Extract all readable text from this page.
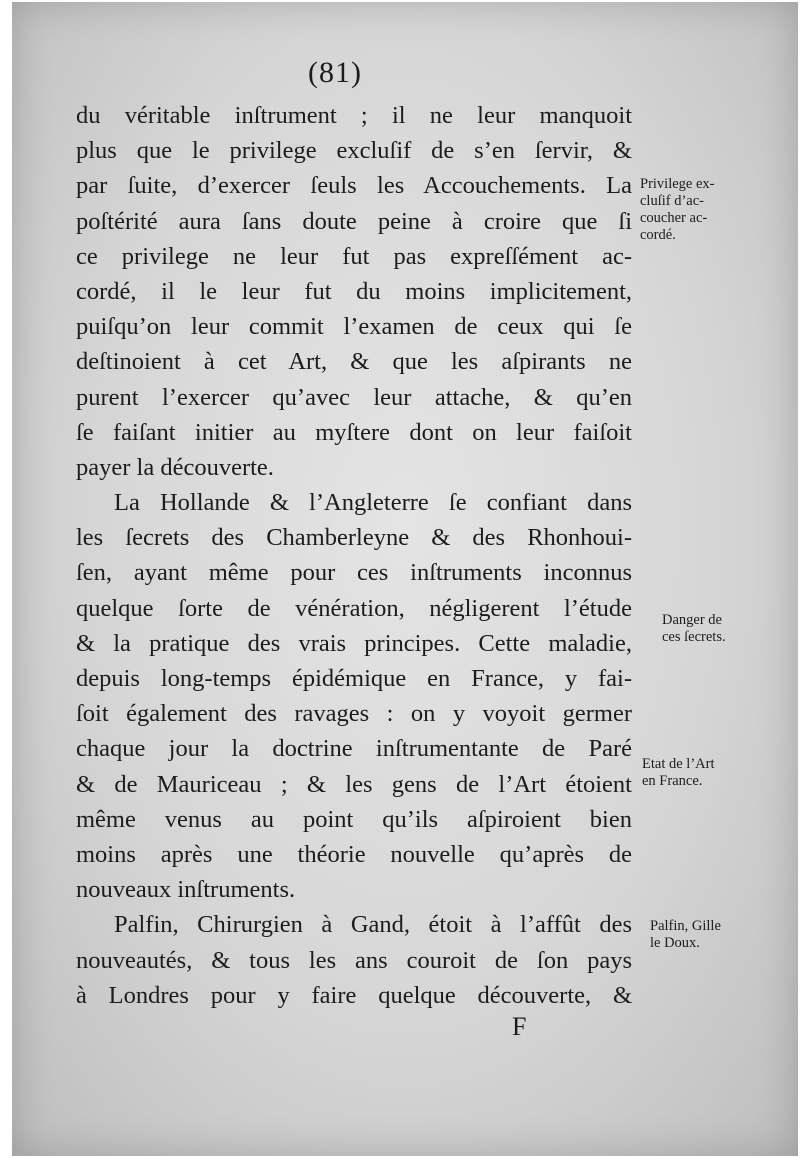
(81)
du véritable inſtrument ; il ne leur manquoit
plus que le privilege excluſif de s’en ſervir, &
par ſuite, d’exercer ſeuls les Accouchements. La
poſtérité aura ſans doute peine à croire que ſi
ce privilege ne leur fut pas expreſſément ac-
cordé, il le leur fut du moins implicitement,
puiſqu’on leur commit l’examen de ceux qui ſe
deſtinoient à cet Art, & que les aſpirants ne
purent l’exercer qu’avec leur attache, & qu’en
ſe faiſant initier au myſtere dont on leur faiſoit
payer la découverte.
La Hollande & l’Angleterre ſe confiant dans
les ſecrets des Chamberleyne & des Rhonhoui-
ſen, ayant même pour ces inſtruments inconnus
quelque ſorte de vénération, négligerent l’étude
& la pratique des vrais principes. Cette maladie,
depuis long-temps épidémique en France, y fai-
ſoit également des ravages : on y voyoit germer
chaque jour la doctrine inſtrumentante de Paré
& de Mauriceau ; & les gens de l’Art étoient
même venus au point qu’ils aſpiroient bien
moins après une théorie nouvelle qu’après de
nouveaux inſtruments.
Palfin, Chirurgien à Gand, étoit à l’affût des
nouveautés, & tous les ans couroit de ſon pays
à Londres pour y faire quelque découverte, &
Privilege ex-
cluſif d’ac-
coucher ac-
cordé.
Danger de
ces ſecrets.
Etat de l’Art
en France.
Palfin, Gille
le Doux.
F
